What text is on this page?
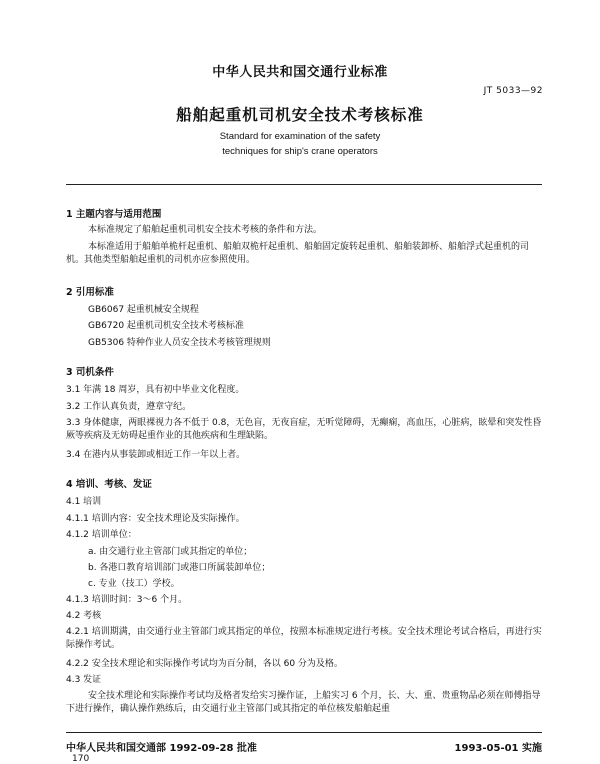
中华人民共和国交通行业标准
JT 5033—92
船舶起重机司机安全技术考核标准
Standard for examination of the safety
techniques for ship's crane operators
1 主题内容与适用范围
本标准规定了船舶起重机司机安全技术考核的条件和方法。
本标准适用于船舶单桅杆起重机、船舶双桅杆起重机、船舶固定旋转起重机、船舶装卸桥、船舶浮式起重机的司机。其他类型船舶起重机的司机亦应参照使用。
2 引用标准
GB6067 起重机械安全规程
GB6720 起重机司机安全技术考核标准
GB5306 特种作业人员安全技术考核管理规则
3 司机条件
3.1 年满 18 周岁，具有初中毕业文化程度。
3.2 工作认真负责，遵章守纪。
3.3 身体健康，两眼裸视力各不低于 0.8，无色盲，无夜盲症，无听觉障碍，无癫痫，高血压，心脏病，眩晕和突发性昏厥等疾病及无妨碍起重作业的其他疾病和生理缺陷。
3.4 在港内从事装卸或相近工作一年以上者。
4 培训、考核、发证
4.1 培训
4.1.1 培训内容：安全技术理论及实际操作。
4.1.2 培训单位：
a. 由交通行业主管部门或其指定的单位；
b. 各港口教育培训部门或港口所属装卸单位；
c. 专业（技工）学校。
4.1.3 培训时间：3～6 个月。
4.2 考核
4.2.1 培训期满，由交通行业主管部门或其指定的单位，按照本标准规定进行考核。安全技术理论考试合格后，再进行实际操作考试。
4.2.2 安全技术理论和实际操作考试均为百分制，各以 60 分为及格。
4.3 发证
安全技术理论和实际操作考试均及格者发给实习操作证，上船实习 6 个月，长、大、重、贵重物品必须在师傅指导下进行操作，确认操作熟练后，由交通行业主管部门或其指定的单位核发船舶起重
中华人民共和国交通部 1992-09-28 批准	1993-05-01 实施
170
